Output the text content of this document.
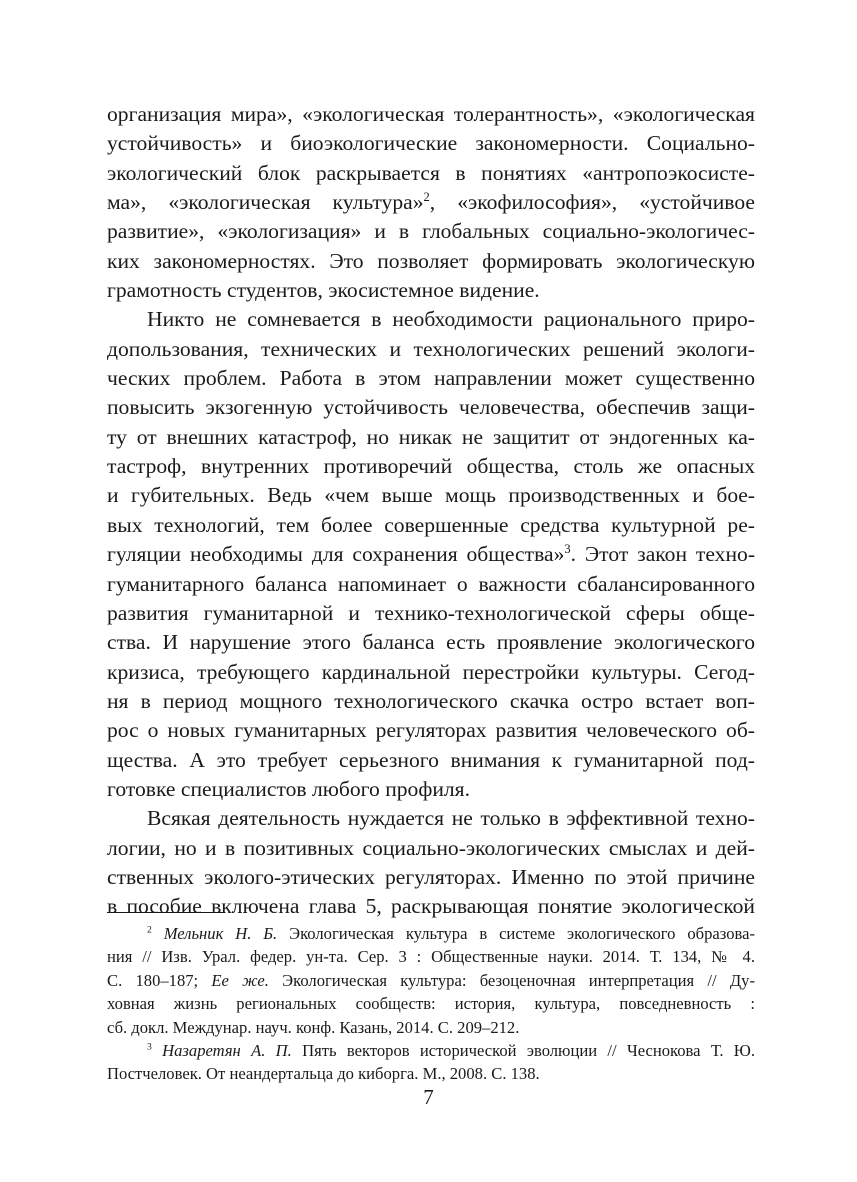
организация мира», «экологическая толерантность», «экологическая
устойчивость» и биоэкологические закономерности. Социально-
экологический блок раскрывается в понятиях «антропоэкосисте-
ма», «экологическая культура»$^2$, «экофилософия», «устойчивое
развитие», «экологизация» и в глобальных социально-экологичес-
ких закономерностях. Это позволяет формировать экологическую
грамотность студентов, экосистемное видение.
Никто не сомневается в необходимости рационального приро-
допользования, технических и технологических решений экологи-
ческих проблем. Работа в этом направлении может существенно
повысить экзогенную устойчивость человечества, обеспечив защи-
ту от внешних катастроф, но никак не защитит от эндогенных ка-
тастроф, внутренних противоречий общества, столь же опасных
и губительных. Ведь «чем выше мощь производственных и боe-
вых технологий, тем более совершенные средства культурной ре-
гуляции необходимы для сохранения общества»$^3$. Этот закон техно-
гуманитарного баланса напоминает о важности сбалансированного
развития гуманитарной и технико-технологической сферы обще-
ства. И нарушение этого баланса есть проявление экологического
кризиса, требующего кардинальной перестройки культуры. Сегод-
ня в период мощного технологического скачка остро встает воп-
рос о новых гуманитарных регуляторах развития человеческого об-
щества. А это требует серьезного внимания к гуманитарной под-
готовке специалистов любого профиля.
Всякая деятельность нуждается не только в эффективной техно-
логии, но и в позитивных социально-экологических смыслах и дей-
ственных эколого-этических регуляторах. Именно по этой причине
в пособие включена глава 5, раскрывающая понятие экологической
$^2$ Мельник Н. Б. Экологическая культура в системе экологического образова-
ния // Изв. Урал. федер. ун-та. Сер. 3 : Общественные науки. 2014. Т. 134, № 4.
С. 180–187; Ее же. Экологическая культура: безоценочная интерпретация // Ду-
ховная жизнь региональных сообществ: история, культура, повседневность :
сб. докл. Междунар. науч. конф. Казань, 2014. С. 209–212.
$^3$ Назаретян А. П. Пять векторов исторической эволюции // Чеснокова Т. Ю.
Постчеловек. От неандертальца до киборга. М., 2008. С. 138.
7
